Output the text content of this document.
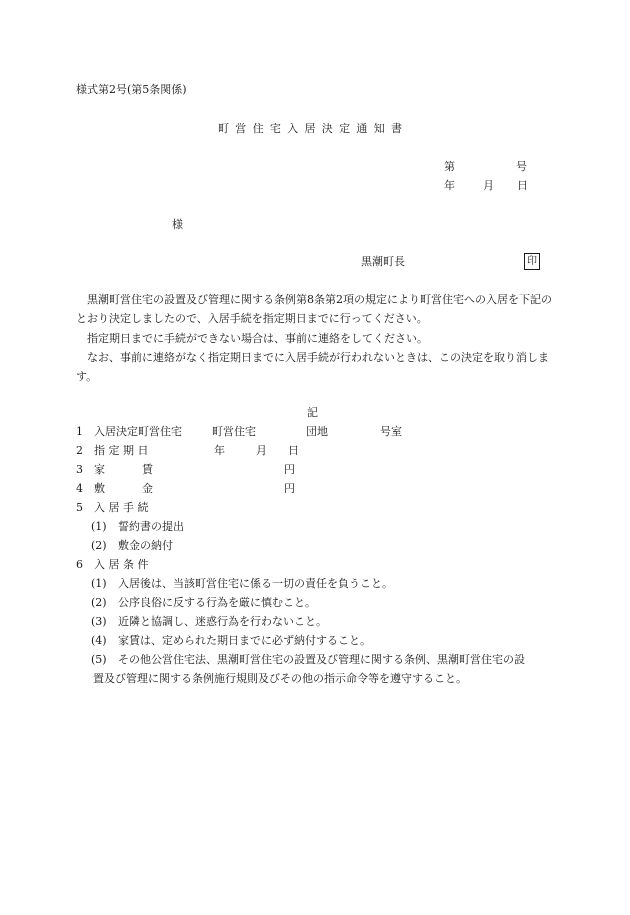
様式第2号(第5条関係)
町営住宅入居決定通知書
第	号
年	月 日
様
黒潮町長	印

黒潮町営住宅の設置及び管理に関する条例第8条第2項の規定により町営住宅への入居を下記のとおり決定しましたので、入居手続を指定期日までに行ってください。

指定期日までに手続ができない場合は、事前に連絡をしてください。

なお、事前に連絡がなく指定期日までに入居手続が行われないときは、この決定を取り消します。

記
1 入居決定町営住宅	町営住宅	団地	号室
2 指 定 期 日	年	月 日
3 家	賃	円
4 敷	金	円
5 入 居 手 続
(1) 誓約書の提出
(2) 敷金の納付
6 入 居 条 件
(1) 入居後は、当該町営住宅に係る一切の責任を負うこと。
(2) 公序良俗に反する行為を厳に慎むこと。
(3) 近隣と協調し、迷惑行為を行わないこと。
(4) 家賃は、定められた期日までに必ず納付すること。
(5) その他公営住宅法、黒潮町営住宅の設置及び管理に関する条例、黒潮町営住宅の設
置及び管理に関する条例施行規則及びその他の指示命令等を遵守すること。
